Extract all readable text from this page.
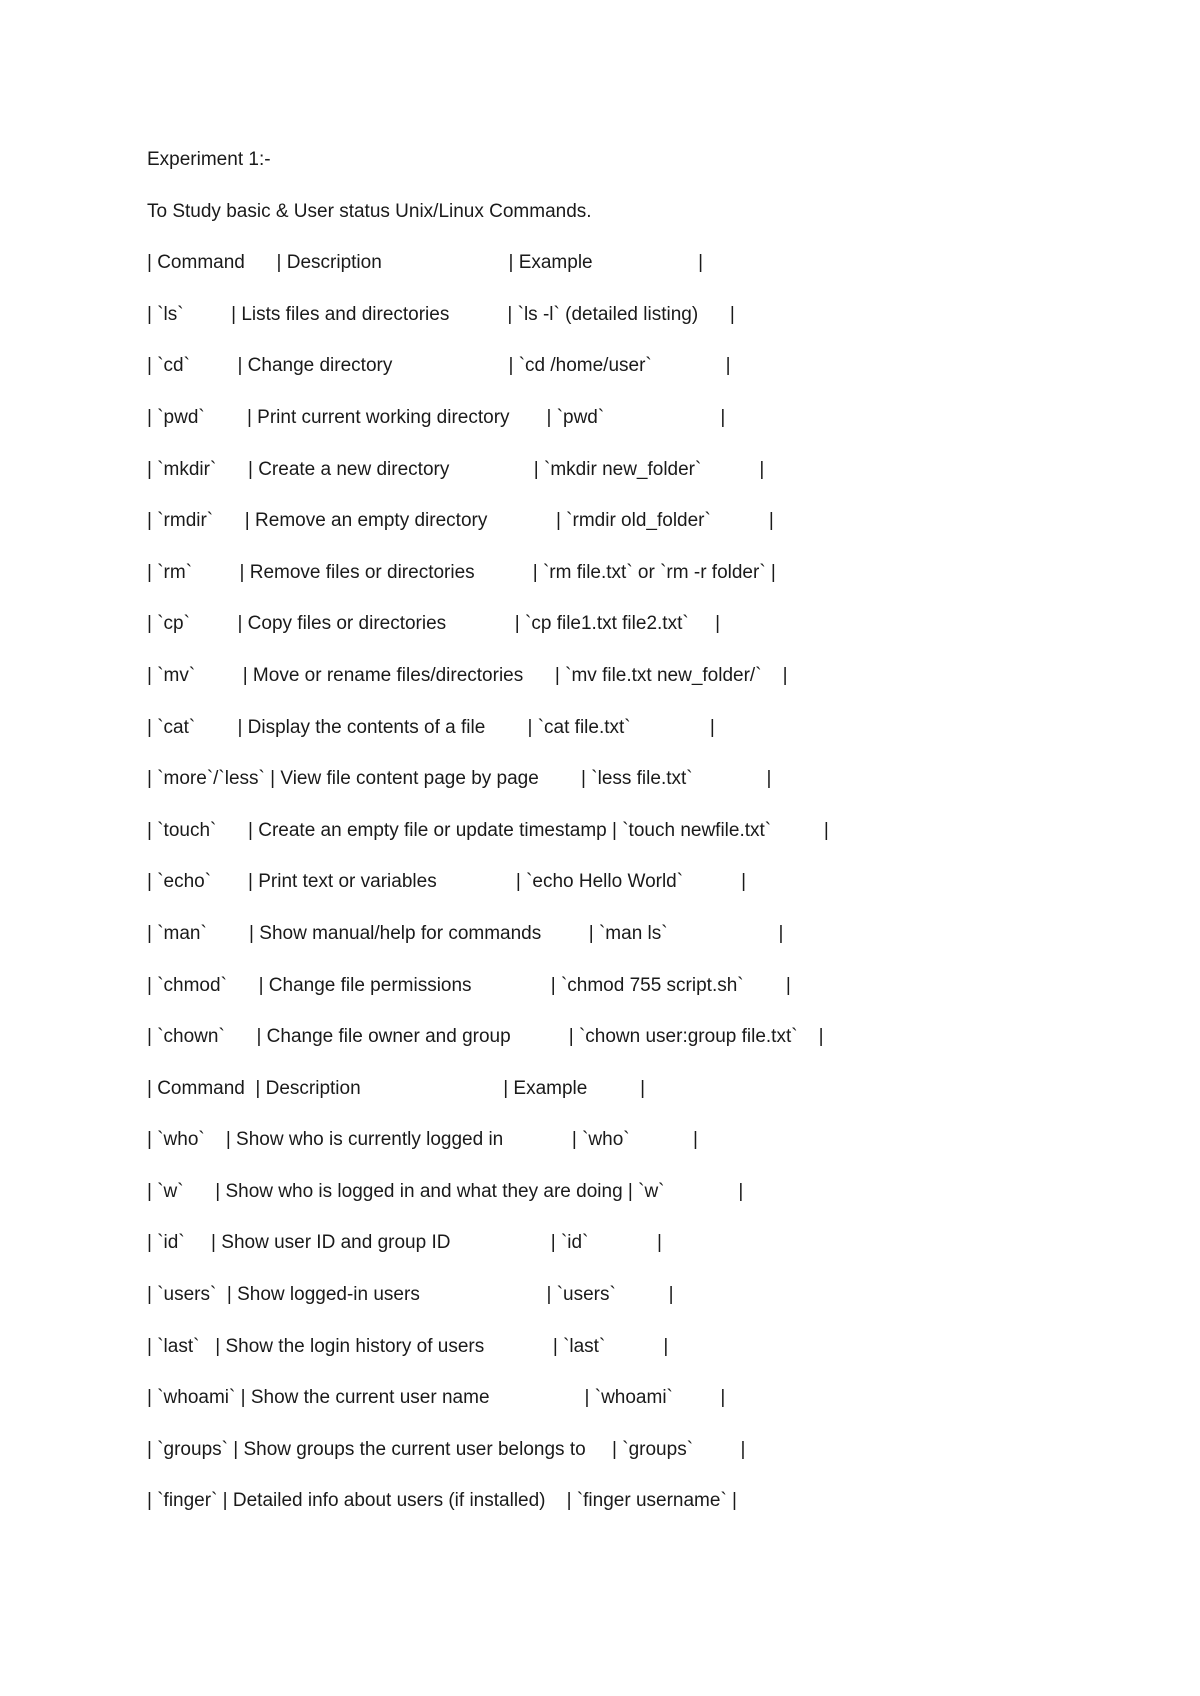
Experiment 1:-
To Study basic & User status Unix/Linux Commands.
| Command      | Description                        | Example                    |
| `ls`         | Lists files and directories           | `ls -l` (detailed listing)      |
| `cd`         | Change directory                      | `cd /home/user`              |
| `pwd`        | Print current working directory       | `pwd`                      |
| `mkdir`      | Create a new directory                | `mkdir new_folder`           |
| `rmdir`      | Remove an empty directory             | `rmdir old_folder`           |
| `rm`         | Remove files or directories           | `rm file.txt` or `rm -r folder` |
| `cp`         | Copy files or directories             | `cp file1.txt file2.txt`     |
| `mv`         | Move or rename files/directories      | `mv file.txt new_folder/`    |
| `cat`        | Display the contents of a file        | `cat file.txt`               |
| `more`/`less` | View file content page by page        | `less file.txt`              |
| `touch`      | Create an empty file or update timestamp | `touch newfile.txt`          |
| `echo`       | Print text or variables               | `echo Hello World`           |
| `man`        | Show manual/help for commands         | `man ls`                     |
| `chmod`      | Change file permissions               | `chmod 755 script.sh`        |
| `chown`      | Change file owner and group           | `chown user:group file.txt`    |
| Command  | Description                           | Example          |
| `who`    | Show who is currently logged in             | `who`            |
| `w`      | Show who is logged in and what they are doing | `w`              |
| `id`     | Show user ID and group ID                   | `id`             |
| `users`  | Show logged-in users                        | `users`          |
| `last`   | Show the login history of users             | `last`           |
| `whoami` | Show the current user name                  | `whoami`         |
| `groups` | Show groups the current user belongs to     | `groups`         |
| `finger` | Detailed info about users (if installed)    | `finger username` |
